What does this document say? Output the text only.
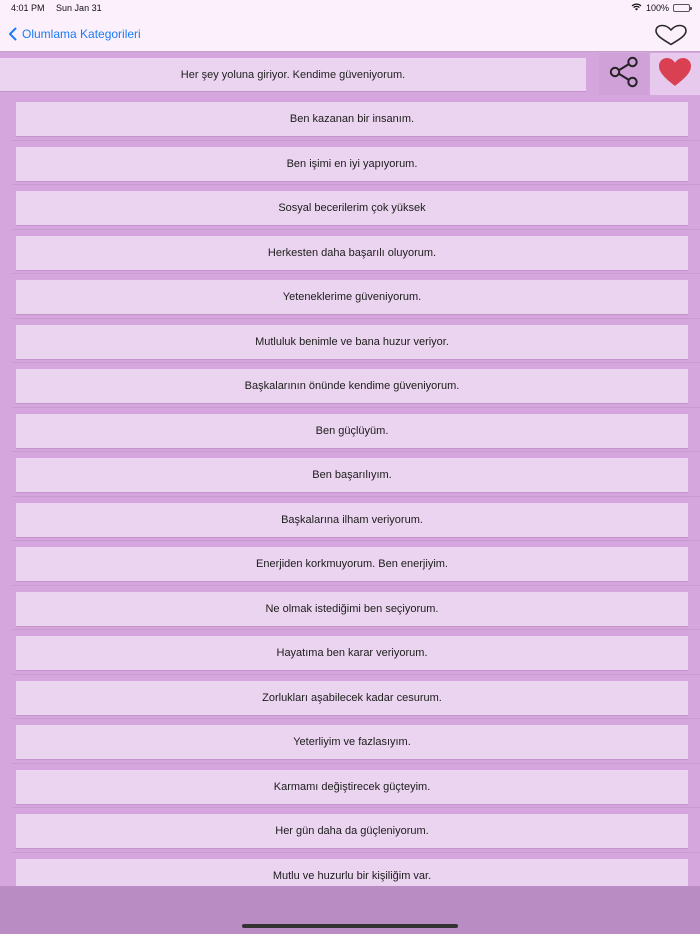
4:01 PM Sun Jan 31	100%
Olumlama Kategorileri
Her şey yoluna giriyor. Kendime güveniyorum.
Ben kazanan bir insanım.
Ben işimi en iyi yapıyorum.
Sosyal becerilerim çok yüksek
Herkesten daha başarılı oluyorum.
Yeteneklerime güveniyorum.
Mutluluk benimle ve bana huzur veriyor.
Başkalarının önünde kendime güveniyorum.
Ben güçlüyüm.
Ben başarılıyım.
Başkalarına ilham veriyorum.
Enerjiden korkmuyorum. Ben enerjiyim.
Ne olmak istediğimi ben seçiyorum.
Hayatıma ben karar veriyorum.
Zorlukları aşabilecek kadar cesurum.
Yeterliyim ve fazlasıyım.
Karmamı değiştirecek güçteyim.
Her gün daha da güçleniyorum.
Mutlu ve huzurlu bir kişiliğim var.
